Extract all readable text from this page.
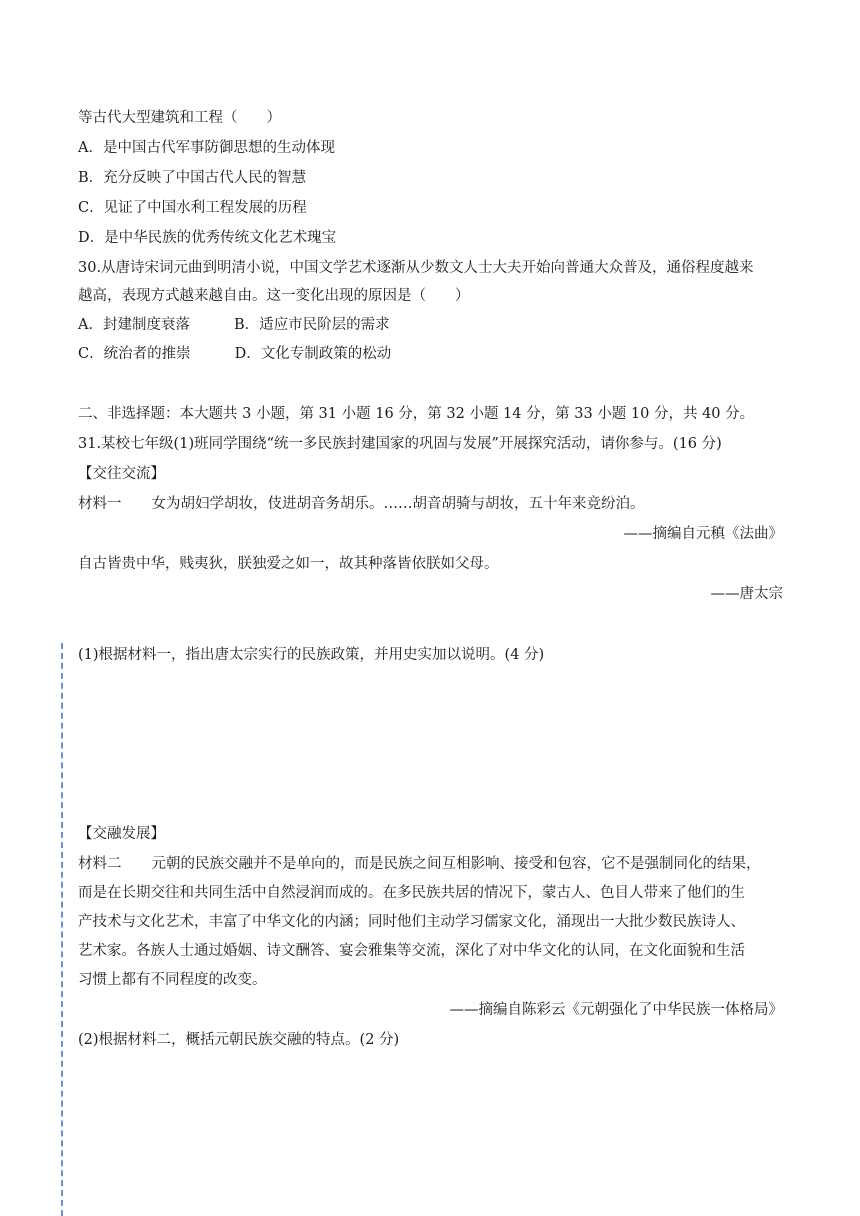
等古代大型建筑和工程（　　）
A．是中国古代军事防御思想的生动体现
B．充分反映了中国古代人民的智慧
C．见证了中国水利工程发展的历程
D．是中华民族的优秀传统文化艺术瑰宝
30.从唐诗宋词元曲到明清小说，中国文学艺术逐渐从少数文人士大夫开始向普通大众普及，通俗程度越来
越高，表现方式越来越自由。这一变化出现的原因是（　　）
A．封建制度衰落	B．适应市民阶层的需求
C．统治者的推崇	D．文化专制政策的松动
二、非选择题：本大题共 3 小题，第 31 小题 16 分，第 32 小题 14 分，第 33 小题 10 分，共 40 分。
31.某校七年级(1)班同学围绕“统一多民族封建国家的巩固与发展”开展探究活动，请你参与。(16 分)
【交往交流】
材料一 女为胡妇学胡妆，伎进胡音务胡乐。……胡音胡骑与胡妆，五十年来竞纷泊。
——摘编自元稹《法曲》
自古皆贵中华，贱夷狄，朕独爱之如一，故其种落皆依朕如父母。
——唐太宗
(1)根据材料一，指出唐太宗实行的民族政策，并用史实加以说明。(4 分)
【交融发展】
材料二 元朝的民族交融并不是单向的，而是民族之间互相影响、接受和包容，它不是强制同化的结果，
而是在长期交往和共同生活中自然浸润而成的。在多民族共居的情况下，蒙古人、色目人带来了他们的生
产技术与文化艺术，丰富了中华文化的内涵；同时他们主动学习儒家文化，涌现出一大批少数民族诗人、
艺术家。各族人士通过婚姻、诗文酬答、宴会雅集等交流，深化了对中华文化的认同，在文化面貌和生活
习惯上都有不同程度的改变。
——摘编自陈彩云《元朝强化了中华民族一体格局》
(2)根据材料二，概括元朝民族交融的特点。(2 分)
